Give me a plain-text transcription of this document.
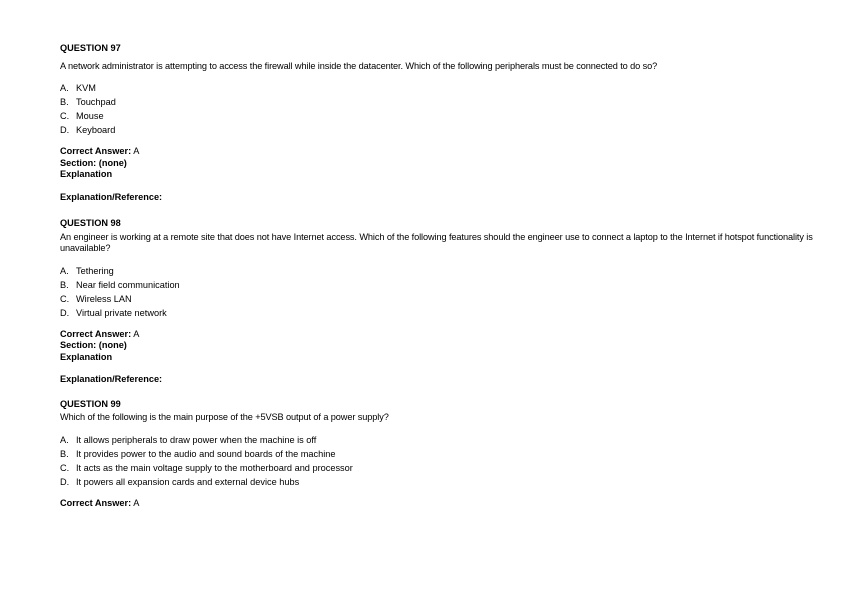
QUESTION 97
A network administrator is attempting to access the firewall while inside the datacenter. Which of the following peripherals must be connected to do so?
A. KVM
B. Touchpad
C. Mouse
D. Keyboard
Correct Answer: A
Section: (none)
Explanation
Explanation/Reference:
QUESTION 98
An engineer is working at a remote site that does not have Internet access. Which of the following features should the engineer use to connect a laptop to the Internet if hotspot functionality is unavailable?
A. Tethering
B. Near field communication
C. Wireless LAN
D. Virtual private network
Correct Answer: A
Section: (none)
Explanation
Explanation/Reference:
QUESTION 99
Which of the following is the main purpose of the +5VSB output of a power supply?
A. It allows peripherals to draw power when the machine is off
B. It provides power to the audio and sound boards of the machine
C. It acts as the main voltage supply to the motherboard and processor
D. It powers all expansion cards and external device hubs
Correct Answer: A
